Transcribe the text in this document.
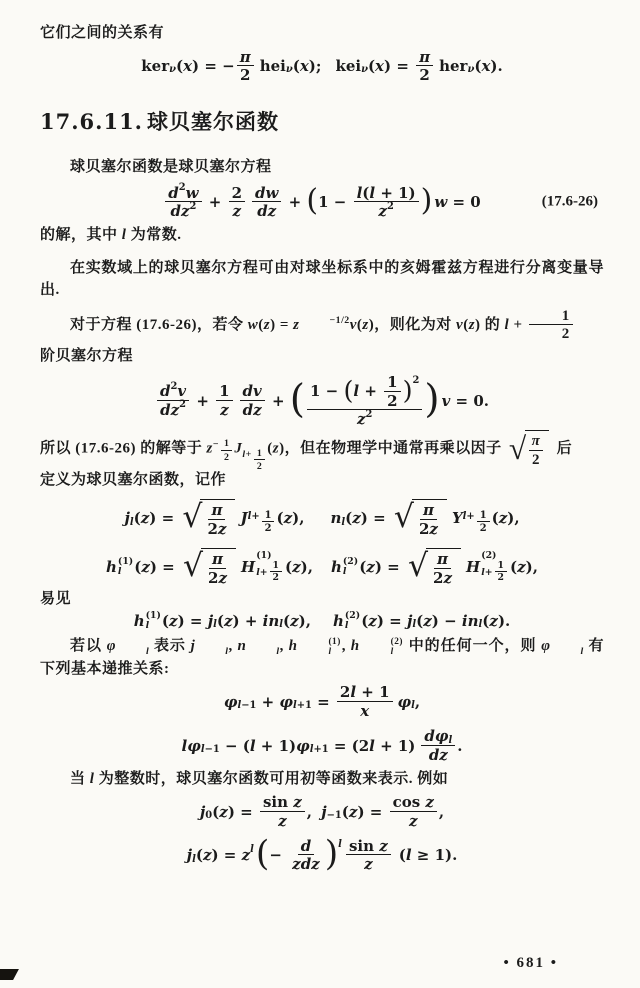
它们之间的关系有

ker ν ( x ) = − $\frac{\pi}{2}$ hei ν ( x ); kei ν ( x ) = $\frac{\pi}{2}$ her ν ( x ).
17.6.11. 球贝塞尔函数

球贝塞尔函数是球贝塞尔方程

d 2 w
dz $2 + \frac{2}{z}$ dw
dz
+ ( $1 - \frac{l ( l + 1)}{z 2}$ ) w = 0	(17.6-26)

的解，其中 l 为常数.

在实数域上的球贝塞尔方程可由对球坐标系中的亥姆霍兹方程进行分离变量导出.

对于方程 (17.6-26)，若令 w(z) = z	−1/2v(z)，则化为对 v(z) 的 $l + \frac{1}{2}$

阶贝塞尔方程

d 2 v
dz $2 + \frac{1}{z}$ dv
dz
+ ( 1 − ( l +
1
2 ) 2
z 2 ) v = 0.

所以 (17.6-26) 的解等于 z− 1
2
J l + 1
2
(z)，但在物理学中通常再乘以因子 √ π
2
后

定义为球贝塞尔函数，记作

j l ( z ) = √ π
2 z
J l + 1
2
( z ), n l ( z ) = √ π
2 z
Y l + 1
2
( z ),
h (1)
l ( z ) = √ π
2 z
H
(1)
$l+ \frac{1}{2}$ ( z ), h (2)
l ( z ) = √ π
2 z
H
(2)
$l+ \frac{1}{2}$ ( z ),

易见

h (1)
l ( z ) = j l ( z ) + in l ( z ), h (2)
l ( z ) = j l ( z ) − in l ( z ).

若以 φ	l 表示 j	l , n	l , h	(1)
l , h	(2)
l 中的任何一个，则 φ	l 有下列基本递推关系:

φ l −1 + φ $l +1 = \frac{2 l + 1}{x}$ φ l ,
l φ l −1 − ( l + 1) φ l +1 = (2 l + 1)
dφ l
dz
.

当 l 为整数时，球贝塞尔函数可用初等函数来表示. 例如

j 0 ( z ) = $\frac{\text{sin z}}{z}$ , j −1 ( z ) = $\frac{\text{cos z}}{z}$ ,
j l ( z ) = z l ( −
d
zdz ) l sin z
z
( l ≥ 1).
• 681 •
